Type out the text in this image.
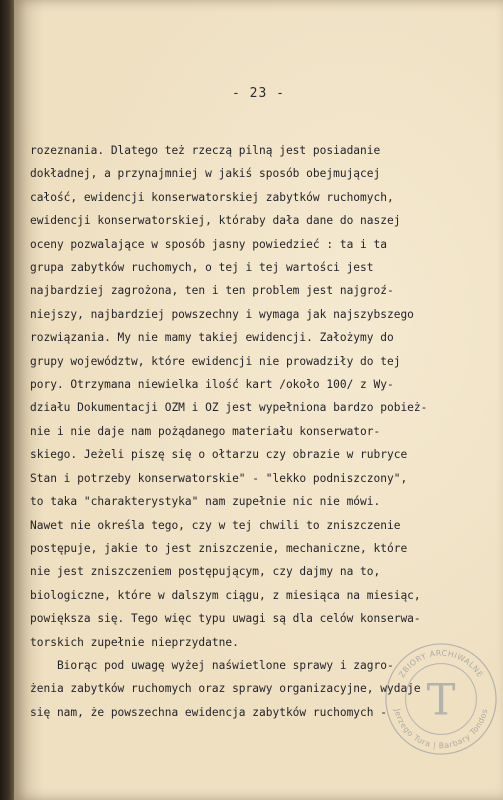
- 23 -
rozeznania. Dlatego też rzeczą pilną jest posiadanie
dokładnej, a przynajmniej w jakiś sposób obejmującej
całość, ewidencji konserwatorskiej zabytków ruchomych,
ewidencji konserwatorskiej, któraby dała dane do naszej
oceny pozwalające w sposób jasny powiedzieć : ta i ta
grupa zabytków ruchomych, o tej i tej wartości jest
najbardziej zagrożona, ten i ten problem jest najgroź-
niejszy, najbardziej powszechny i wymaga jak najszybszego
rozwiązania. My nie mamy takiej ewidencji. Założymy do
grupy województw, które ewidencji nie prowadziły do tej
pory. Otrzymana niewielka ilość kart /około 100/ z Wy-
działu Dokumentacji OZM i OZ jest wypełniona bardzo pobież-
nie i nie daje nam pożądanego materiału konserwator-
skiego. Jeżeli piszę się o ołtarzu czy obrazie w rubryce
Stan i potrzeby konserwatorskie" - "lekko podniszczony",
to taka "charakterystyka" nam zupełnie nic nie mówi.
Nawet nie określa tego, czy w tej chwili to zniszczenie
postępuje, jakie to jest zniszczenie, mechaniczne, które
nie jest zniszczeniem postępującym, czy dajmy na to,
biologiczne, które w dalszym ciągu, z miesiąca na miesiąc,
powiększa się. Tego więc typu uwagi są dla celów konserwa-
torskich zupełnie nieprzydatne.
Biorąc pod uwagę wyżej naświetlone sprawy i zagro-
żenia zabytków ruchomych oraz sprawy organizacyjne, wydaje
się nam, że powszechna ewidencja zabytków ruchomych -
ZBIORY ARCHIWALNE
Jerzego Tura | Barbary Tondos
T
